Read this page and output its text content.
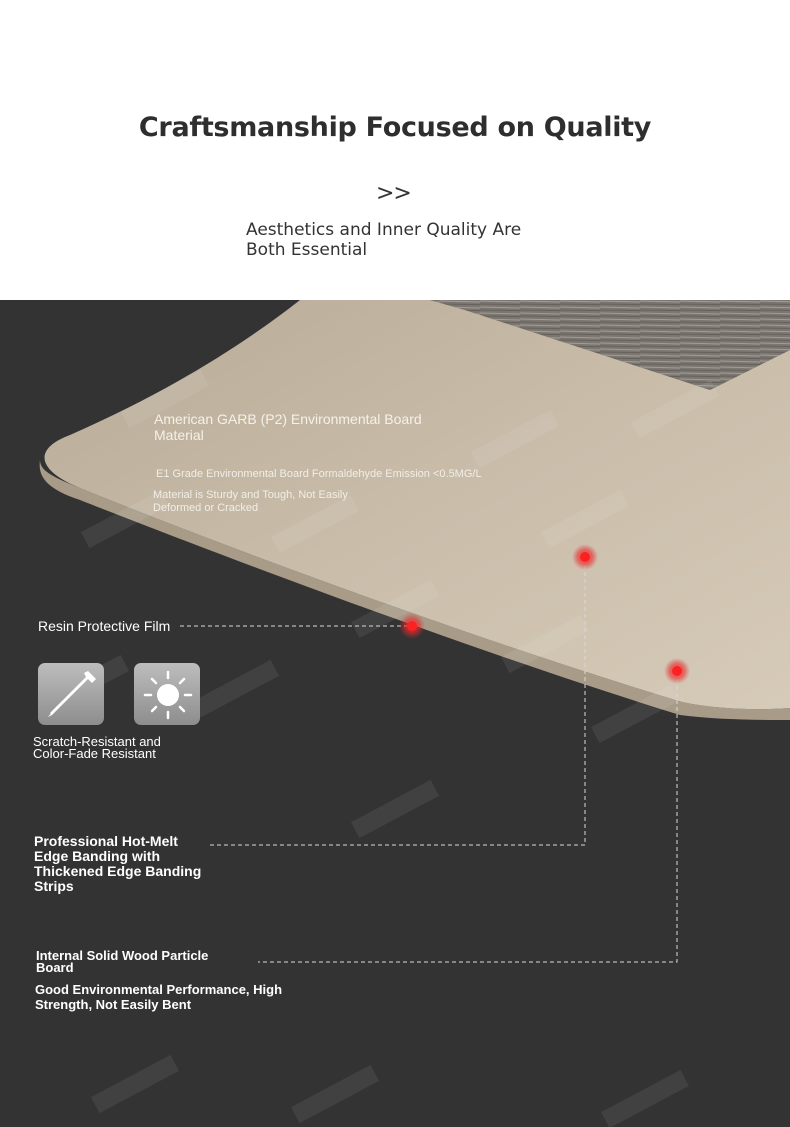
Craftsmanship Focused on Quality
>>
Aesthetics and Inner Quality Are Both Essential
American GARB (P2) Environmental Board Material
E1 Grade Environmental Board Formaldehyde Emission <0.5MG/L
Material is Sturdy and Tough, Not Easily Deformed or Cracked
Resin Protective Film
Scratch-Resistant and Color-Fade Resistant
Professional Hot-Melt Edge Banding with Thickened Edge Banding Strips
Internal Solid Wood Particle Board
Good Environmental Performance, High Strength, Not Easily Bent
